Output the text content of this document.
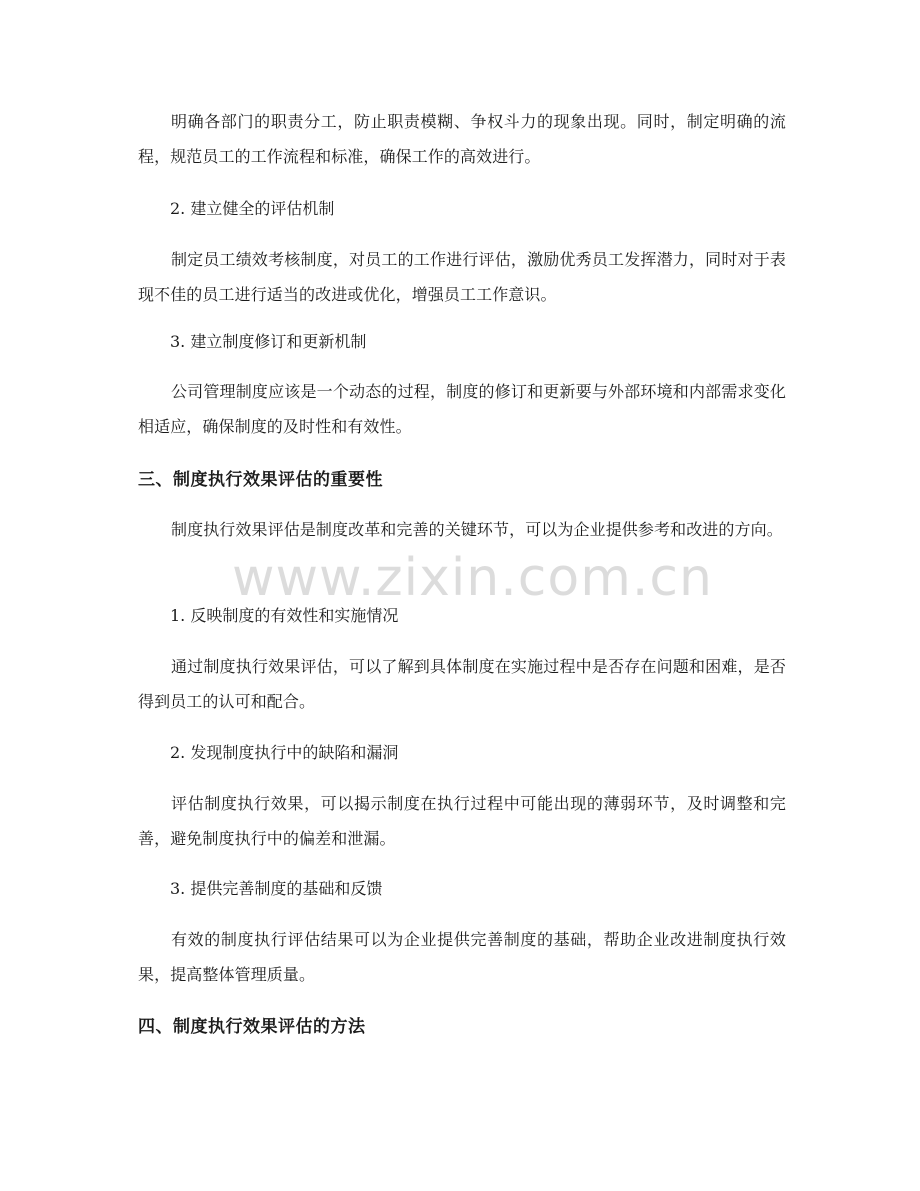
明确各部门的职责分工，防止职责模糊、争权斗力的现象出现。同时，制定明确的流程，规范员工的工作流程和标准，确保工作的高效进行。

2. 建立健全的评估机制

制定员工绩效考核制度，对员工的工作进行评估，激励优秀员工发挥潜力，同时对于表现不佳的员工进行适当的改进或优化，增强员工工作意识。

3. 建立制度修订和更新机制

公司管理制度应该是一个动态的过程，制度的修订和更新要与外部环境和内部需求变化相适应，确保制度的及时性和有效性。

三、制度执行效果评估的重要性

制度执行效果评估是制度改革和完善的关键环节，可以为企业提供参考和改进的方向。

1. 反映制度的有效性和实施情况

通过制度执行效果评估，可以了解到具体制度在实施过程中是否存在问题和困难，是否得到员工的认可和配合。

2. 发现制度执行中的缺陷和漏洞

评估制度执行效果，可以揭示制度在执行过程中可能出现的薄弱环节，及时调整和完善，避免制度执行中的偏差和泄漏。

3. 提供完善制度的基础和反馈

有效的制度执行评估结果可以为企业提供完善制度的基础，帮助企业改进制度执行效果，提高整体管理质量。

四、制度执行效果评估的方法

www.zixin.com.cn
